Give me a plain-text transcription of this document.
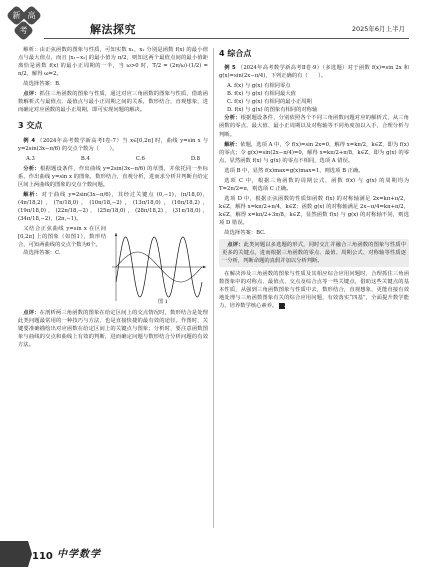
新 高
考	解法探究	2025年6月上半月

解析：由正弦函数的图象与性质，可知实数 x₁，x₂ 分别是函数 f(x) 的最小值点与最大值点，而且 |x₁−x₂| 的最小值为 π/2，则知这两个最值点间的最小值距离恰是函数 f(x) 的最小正周期的一半，当 ω>0 时，T/2 = (2π/ω)·(1/2) = π/2，解得 ω=2。

故选择答案：B.

点评：抓住三角函数的图象与性质，通过对应三角函数的图象与性质，借助函数解析式与最值点、最值点与最小正周期之间的关系，数形结合，直观想象，进而确定对应函数的最小正周期，即可实现问题的解决。

3 交点

例 4 （2024年高考数学新高考Ⅰ卷·7）当 x∈[0,2π] 时，曲线 y=sin x 与 y=2sin(3x−π/6) 的交点个数为（　　）。

A.3	B.4	C.6	D.8

分析：根据题设条件，作出曲线 y=2sin(3x−π/6) 的草图，并依托同一坐标系，作出曲线 y=sin x 的图象，数形结合，直观分析，进而求分析并判断自给定区间上两曲线的图象的交点个数问题。

解析：对于曲线 y=2sin(3x−π/6)，其经过关键点 (0,−1)，(π/18,0)，(4π/18,2)，(7π/18,0)，(10π/18,−2)，(13π/18,0)，(16π/18,2)，(19π/18,0)，(22π/18,−2)，(25π/18,0)，(28π/18,2)，(31π/18,0)，(34π/18,−2)，(2π,−1)。

又结合正弦曲线 y=sin x 在区间 [0,2π] 上的图象（如图1），数形结合，可知两曲线的交点个数为6个。

故选择答案：C.

图 1

点评：在剖析两三角函数的图象在给定区间上的交点情况时，数形结合是处理此类问题最常用的一种技巧与方法，也是直接快捷的最有效的途径。作图时，关键要准确描绘出对应函数在给定区间上的关键点与图象；分析时，要注意函数图象与曲线的交点和曲线上有效的判断，进而确定问题与数形结合分析问题的有效方法。

4 综合点

例 5 （2024年高考数学新高考Ⅱ卷·9）（多选题）对于函数 f(x)=sin 2x 和 g(x)=sin(2x−π/4)，下列正确的有（　　）。

A. f(x) 与 g(x) 有相同零点
B. f(x) 与 g(x) 有相同最大值
C. f(x) 与 g(x) 有相同的最小正周期
D. f(x) 与 g(x) 的图象有相同的对称轴

分析：根据题设条件，分别依照各个不同三角函数问题对应的解析式，从三角函数的零点、最大值、最小正周期以及对称轴等不同角度加以入手，合理分析与判断。

解析：依题，选项 A 中，令 f(x)=sin 2x=0，解得 x=kπ/2，k∈Z，即为 f(x) 的零点；令 g(x)=sin(2x−π/4)=0，解得 x=kπ/2+π/8，k∈Z，即为 g(x) 的零点，显然函数 f(x) 与 g(x) 的零点不相同，选项 A 错误。

选项 B 中，显然 f(x)max=g(x)max=1，则选项 B 正确。

选项 C 中，根据三角函数的周期公式，函数 f(x) 与 g(x) 的周期均为 T=2π/2=π，则选项 C 正确。

选项 D 中，根据正弦函数的性质知函数 f(x) 的对称轴满足 2x=kπ+π/2，k∈Z，解得 x=kπ/2+π/4，k∈Z；函数 g(x) 的对称轴满足 2x−π/4=kπ+π/2，k∈Z，解得 x=kπ/2+3π/8，k∈Z，显然函数 f(x) 与 g(x) 的对称轴不同，则选项 D 错误。

故选择答案：BC.

点评：此类问题以多选题的形式，同时交汇并融合三角函数的图象与性质中更多的关键点，进而根据三角函数的零点、最值、周期公式、对称轴等性质逐一分析，判断命题的真假并加以分析判断。

在解决涉及三角函数的图象与性质及其相应综合应用问题时，合理抓住三角函数图象中的对称点、最值点、交点及综合点等一些关键点，借助这些关键点的基本性质，从强到三角函数图象与性质中去，数形结合，直观想象，更能直接有效地处理与三角函数图象有关的综合应用问题，有效落实“四基”，全面提升数学能力，培养数学核心素养。 Z

110 中学数学
